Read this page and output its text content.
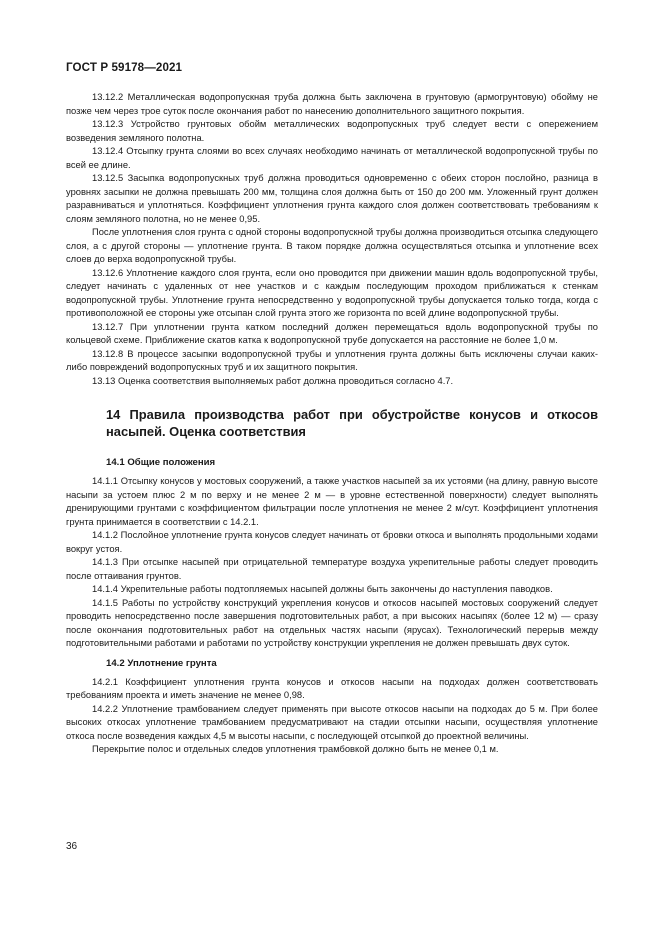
ГОСТ Р 59178—2021

13.12.2 Металлическая водопропускная труба должна быть заключена в грунтовую (армогрунтовую) обойму не позже чем через трое суток после окончания работ по нанесению дополнительного защитного покрытия.

13.12.3 Устройство грунтовых обойм металлических водопропускных труб следует вести с опережением возведения земляного полотна.

13.12.4 Отсыпку грунта слоями во всех случаях необходимо начинать от металлической водопропускной трубы по всей ее длине.

13.12.5 Засыпка водопропускных труб должна проводиться одновременно с обеих сторон послойно, разница в уровнях засыпки не должна превышать 200 мм, толщина слоя должна быть от 150 до 200 мм. Уложенный грунт должен разравниваться и уплотняться. Коэффициент уплотнения грунта каждого слоя должен соответствовать требованиям к слоям земляного полотна, но не менее 0,95.

После уплотнения слоя грунта с одной стороны водопропускной трубы должна производиться отсыпка следующего слоя, а с другой стороны — уплотнение грунта. В таком порядке должна осуществляться отсыпка и уплотнение всех слоев до верха водопропускной трубы.

13.12.6 Уплотнение каждого слоя грунта, если оно проводится при движении машин вдоль водопропускной трубы, следует начинать с удаленных от нее участков и с каждым последующим проходом приближаться к стенкам водопропускной трубы. Уплотнение грунта непосредственно у водопропускной трубы допускается только тогда, когда с противоположной ее стороны уже отсыпан слой грунта этого же горизонта по всей длине водопропускной трубы.

13.12.7 При уплотнении грунта катком последний должен перемещаться вдоль водопропускной трубы по кольцевой схеме. Приближение скатов катка к водопропускной трубе допускается на расстояние не более 1,0 м.

13.12.8 В процессе засыпки водопропускной трубы и уплотнения грунта должны быть исключены случаи каких-либо повреждений водопропускных труб и их защитного покрытия.

13.13 Оценка соответствия выполняемых работ должна проводиться согласно 4.7.

14 Правила производства работ при обустройстве конусов и откосов насыпей. Оценка соответствия
14.1 Общие положения

14.1.1 Отсыпку конусов у мостовых сооружений, а также участков насыпей за их устоями (на длину, равную высоте насыпи за устоем плюс 2 м по верху и не менее 2 м — в уровне естественной поверхности) следует выполнять дренирующими грунтами с коэффициентом фильтрации после уплотнения не менее 2 м/сут. Коэффициент уплотнения грунта принимается в соответствии с 14.2.1.

14.1.2 Послойное уплотнение грунта конусов следует начинать от бровки откоса и выполнять продольными ходами вокруг устоя.

14.1.3 При отсыпке насыпей при отрицательной температуре воздуха укрепительные работы следует проводить после оттаивания грунтов.

14.1.4 Укрепительные работы подтопляемых насыпей должны быть закончены до наступления паводков.

14.1.5 Работы по устройству конструкций укрепления конусов и откосов насыпей мостовых сооружений следует проводить непосредственно после завершения подготовительных работ, а при высоких насыпях (более 12 м) — сразу после окончания подготовительных работ на отдельных частях насыпи (ярусах). Технологический перерыв между подготовительными работами и работами по устройству конструкции укрепления не должен превышать двух суток.

14.2 Уплотнение грунта

14.2.1 Коэффициент уплотнения грунта конусов и откосов насыпи на подходах должен соответствовать требованиям проекта и иметь значение не менее 0,98.

14.2.2 Уплотнение трамбованием следует применять при высоте откосов насыпи на подходах до 5 м. При более высоких откосах уплотнение трамбованием предусматривают на стадии отсыпки насыпи, осуществляя уплотнение откоса после возведения каждых 4,5 м высоты насыпи, с последующей отсыпкой до проектной величины.

Перекрытие полос и отдельных следов уплотнения трамбовкой должно быть не менее 0,1 м.

36
